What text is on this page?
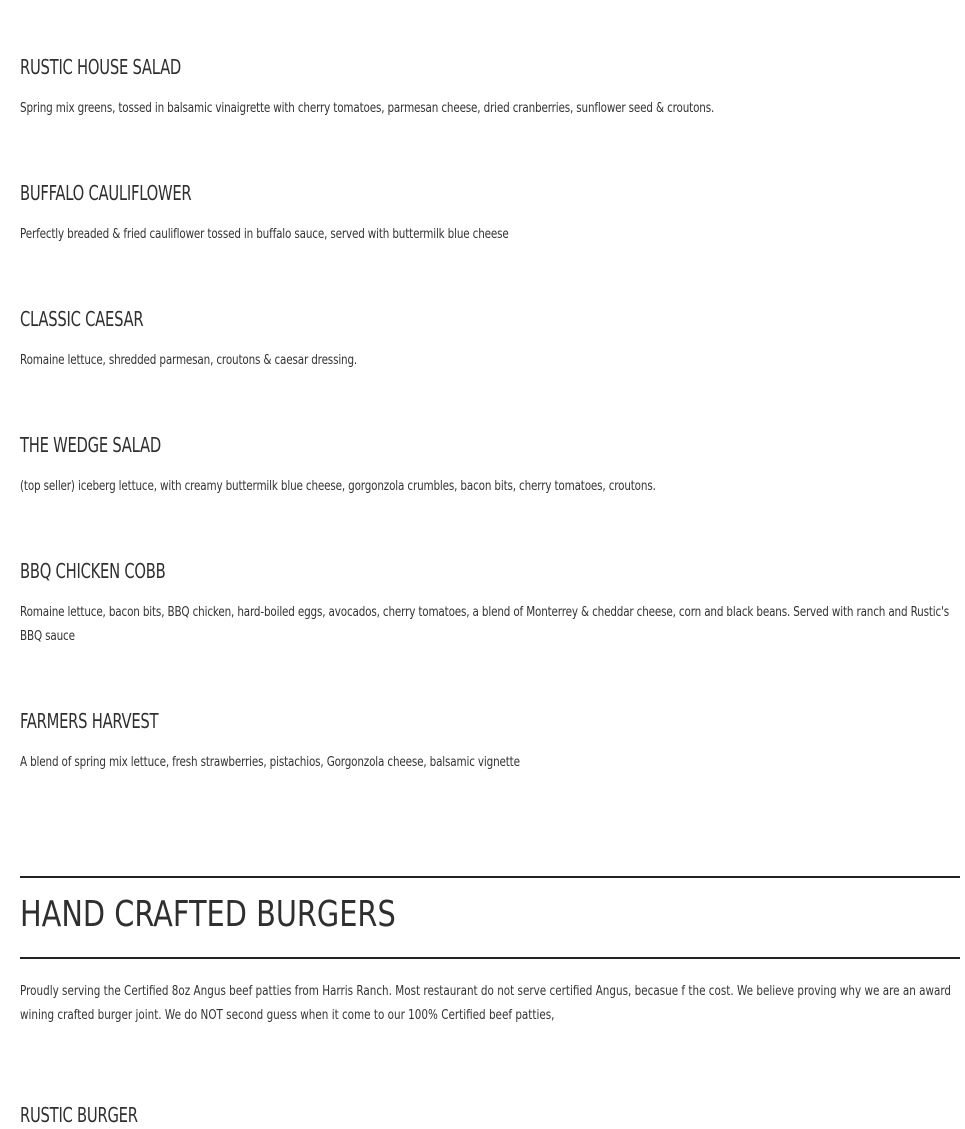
RUSTIC HOUSE SALAD

Spring mix greens, tossed in balsamic vinaigrette with cherry tomatoes, parmesan cheese, dried cranberries, sunflower seed & croutons.

BUFFALO CAULIFLOWER

Perfectly breaded & fried cauliflower tossed in buffalo sauce, served with buttermilk blue cheese

CLASSIC CAESAR

Romaine lettuce, shredded parmesan, croutons & caesar dressing.

THE WEDGE SALAD

(top seller) iceberg lettuce, with creamy buttermilk blue cheese, gorgonzola crumbles, bacon bits, cherry tomatoes, croutons.

BBQ CHICKEN COBB

Romaine lettuce, bacon bits, BBQ chicken, hard-boiled eggs, avocados, cherry tomatoes, a blend of Monterrey & cheddar cheese, corn and black beans. Served with ranch and Rustic's BBQ sauce

FARMERS HARVEST

A blend of spring mix lettuce, fresh strawberries, pistachios, Gorgonzola cheese, balsamic vignette

HAND CRAFTED BURGERS

Proudly serving the Certified 8oz Angus beef patties from Harris Ranch. Most restaurant do not serve certified Angus, becasue f the cost. We believe proving why we are an award wining crafted burger joint. We do NOT second guess when it come to our 100% Certified beef patties,

RUSTIC BURGER
